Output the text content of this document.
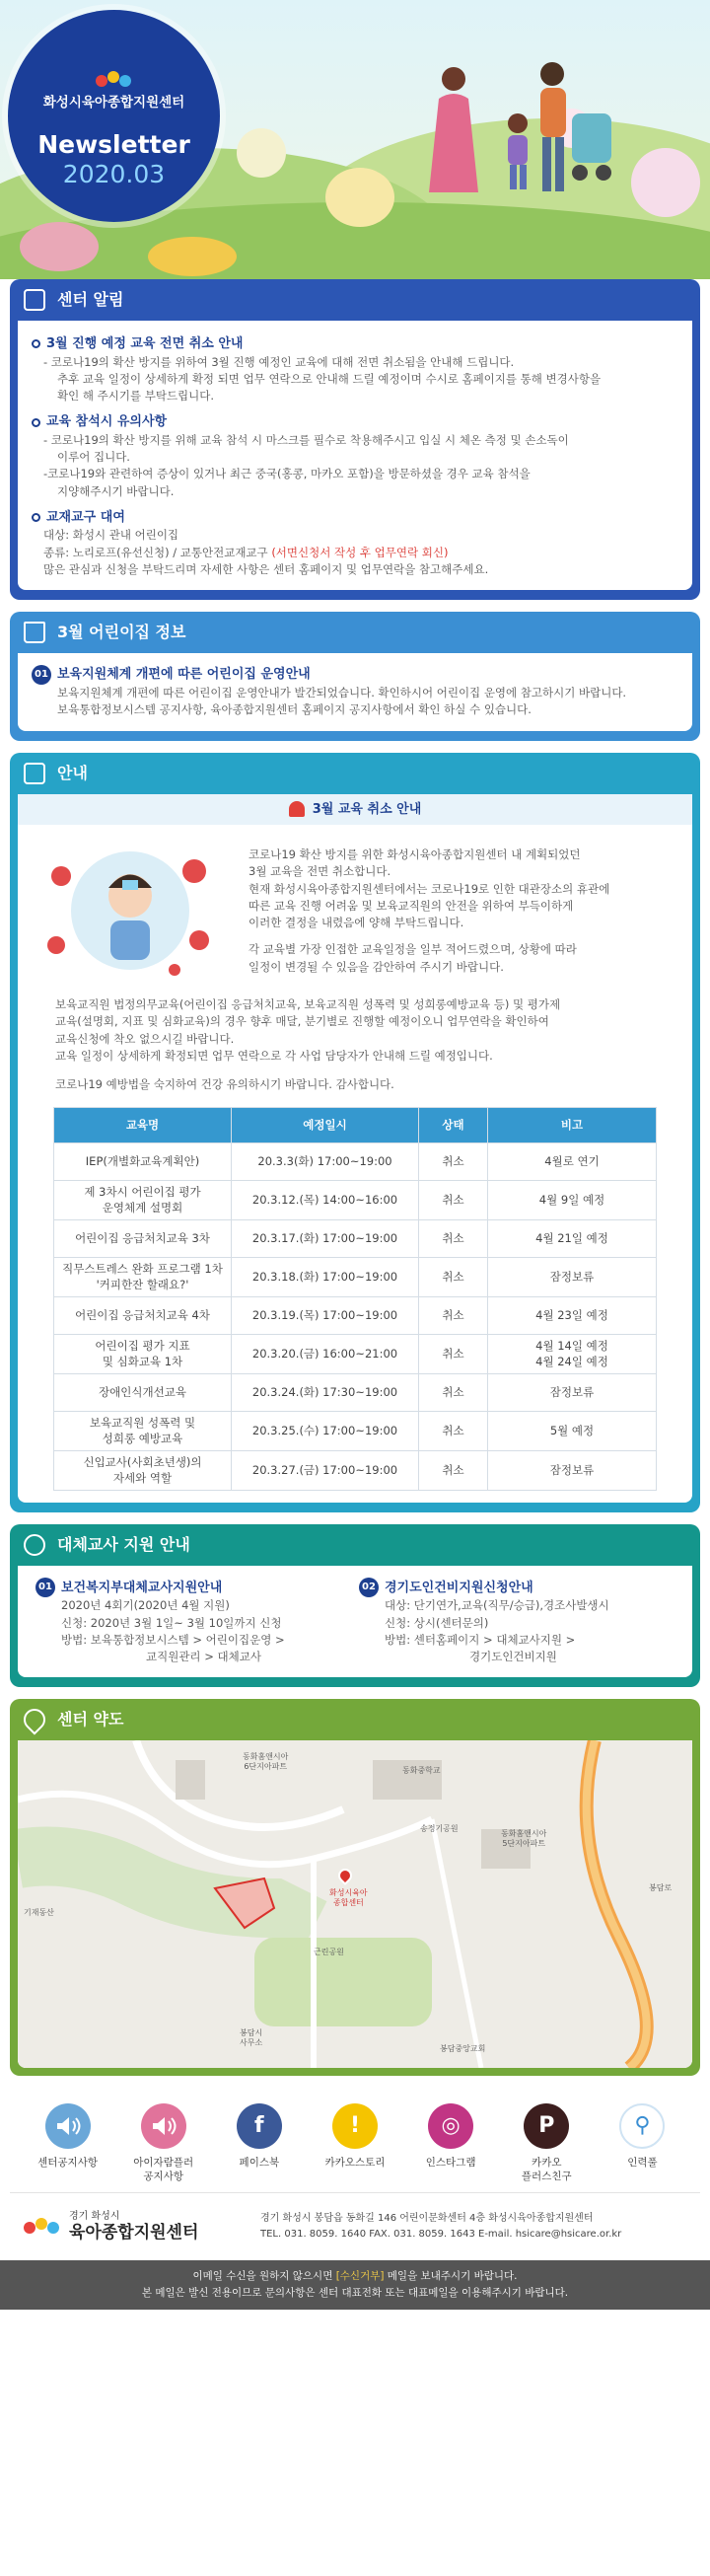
화성시육아종합지원센터
Newsletter
2020.03
센터 알림
3월 진행 예정 교육 전면 취소 안내
- 코로나19의 확산 방지를 위하여 3월 진행 예정인 교육에 대해 전면 취소됨을 안내해 드립니다.
추후 교육 일정이 상세하게 확정 되면 업무 연락으로 안내해 드릴 예정이며 수시로 홈페이지를 통해 변경사항을
확인 해 주시기를 부탁드립니다.
교육 참석시 유의사항
- 코로나19의 확산 방지를 위해 교육 참석 시 마스크를 필수로 착용해주시고 입실 시 체온 측정 및 손소독이
이루어 집니다.
-코로나19와 관련하여 증상이 있거나 최근 중국(홍콩, 마카오 포함)을 방문하셨을 경우 교육 참석을
지양해주시기 바랍니다.
교재교구 대여
대상: 화성시 관내 어린이집
종류: 노리로프(유선신청) / 교통안전교재교구 (서면신청서 작성 후 업무연락 회신)
많은 관심과 신청을 부탁드리며 자세한 사항은 센터 홈페이지 및 업무연락을 참고해주세요.
3월 어린이집 정보
01 보육지원체계 개편에 따른 어린이집 운영안내
보육지원체계 개편에 따른 어린이집 운영안내가 발간되었습니다. 확인하시어 어린이집 운영에 참고하시기 바랍니다.
보육통합정보시스템 공지사항, 육아종합지원센터 홈페이지 공지사항에서 확인 하실 수 있습니다.
안내
3월 교육 취소 안내
코로나19 확산 방지를 위한 화성시육아종합지원센터 내 계획되었던
3월 교육을 전면 취소합니다.
현재 화성시육아종합지원센터에서는 코로나19로 인한 대관장소의 휴관에
따른 교육 진행 어려움 및 보육교직원의 안전을 위하여 부득이하게
이러한 결정을 내렸음에 양해 부탁드립니다.
각 교육별 가장 인접한 교육일정을 일부 적어드렸으며, 상황에 따라
일정이 변경될 수 있음을 감안하여 주시기 바랍니다.
보육교직원 법정의무교육(어린이집 응급처치교육, 보육교직원 성폭력 및 성희롱예방교육 등) 및 평가제
교육(설명회, 지표 및 심화교육)의 경우 향후 매달, 분기별로 진행할 예정이오니 업무연락을 확인하여
교육신청에 착오 없으시길 바랍니다.
교육 일정이 상세하게 확정되면 업무 연락으로 각 사업 담당자가 안내해 드릴 예정입니다.
코로나19 예방법을 숙지하여 건강 유의하시기 바랍니다. 감사합니다.
교육명	예정일시	상태	비고
IEP(개별화교육계획안)	20.3.3(화) 17:00~19:00	취소	4월로 연기
제 3차시 어린이집 평가
운영체계 설명회	20.3.12.(목) 14:00~16:00	취소	4월 9일 예정
어린이집 응급처치교육 3차	20.3.17.(화) 17:00~19:00	취소	4월 21일 예정
직무스트레스 완화 프로그램 1차
'커피한잔 할래요?'	20.3.18.(화) 17:00~19:00	취소	잠정보류
어린이집 응급처치교육 4차	20.3.19.(목) 17:00~19:00	취소	4월 23일 예정
어린이집 평가 지표
및 심화교육 1차	20.3.20.(금) 16:00~21:00	취소	4월 14일 예정
4월 24일 예정
장애인식개선교육	20.3.24.(화) 17:30~19:00	취소	잠정보류
보육교직원 성폭력 및
성희롱 예방교육	20.3.25.(수) 17:00~19:00	취소	5월 예정
신입교사(사회초년생)의
자세와 역할	20.3.27.(금) 17:00~19:00	취소	잠정보류
대체교사 지원 안내
01 보건복지부대체교사지원안내
2020년 4회기(2020년 4월 지원)
신청: 2020년 3월 1일~ 3월 10일까지 신청
방법: 보육통합정보시스템 > 어린이집운영 >
교직원관리 > 대체교사
02 경기도인건비지원신청안내
대상: 단기연가,교육(직무/승급),경조사발생시
신청: 상시(센터문의)
방법: 센터홈페이지 > 대체교사지원 >
경기도인건비지원
센터 약도
동화홈앤시아
6단지아파트	동화중학교
송정기공원
동화홈앤시아
5단지아파트
기재동산
화성시육아
종합센터
근린공원
봉담중앙교회
봉담시
사무소
봉담로
센터공지사항	아이자람플러
공지사항
f
페이스북
!
카카오스토리
◎
인스타그램
P
카카오
플러스친구
⚲
인력풀
경기 화성시
육아종합지원센터
경기 화성시 봉담읍 동화길 146 어린이문화센터 4층 화성시육아종합지원센터
TEL. 031. 8059. 1640 FAX. 031. 8059. 1643 E-mail. hsicare@hsicare.or.kr
이메일 수신을 원하지 않으시면 [수신거부] 메일을 보내주시기 바랍니다.
본 메일은 발신 전용이므로 문의사항은 센터 대표전화 또는 대표메일을 이용해주시기 바랍니다.
